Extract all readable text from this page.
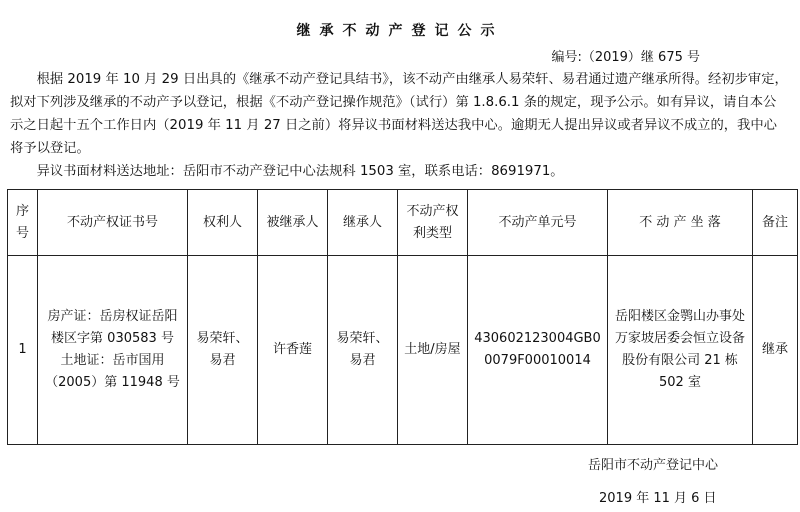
继承不动产登记公示
编号:（2019）继 675 号

根据 2019 年 10 月 29 日出具的《继承不动产登记具结书》，该不动产由继承人易荣轩、易君通过遗产继承所得。经初步审定， 拟对下列涉及继承的不动产予以登记，根据《不动产登记操作规范》（试行）第 1.8.6.1 条的规定，现予公示。如有异议，请自本公示之日起十五个工作日内（2019 年 11 月 27 日之前）将异议书面材料送达我中心。逾期无人提出异议或者异议不成立的，我中心将予以登记。

异议书面材料送达地址：岳阳市不动产登记中心法规科 1503 室，联系电话：8691971。

序号	不动产权证书号	权利人	被继承人	继承人	不动产权利类型	不动产单元号	不 动 产 坐 落	备注
1	房产证：岳房权证岳阳楼区字第 030583 号
土地证：岳市国用（2005）第 11948 号	易荣轩、易君	许香莲	易荣轩、易君	土地/房屋	430602123004GB00079F00010014	岳阳楼区金鹗山办事处万家坡居委会恒立设备股份有限公司 21 栋 502 室	继承
岳阳市不动产登记中心
2019 年 11 月 6 日
